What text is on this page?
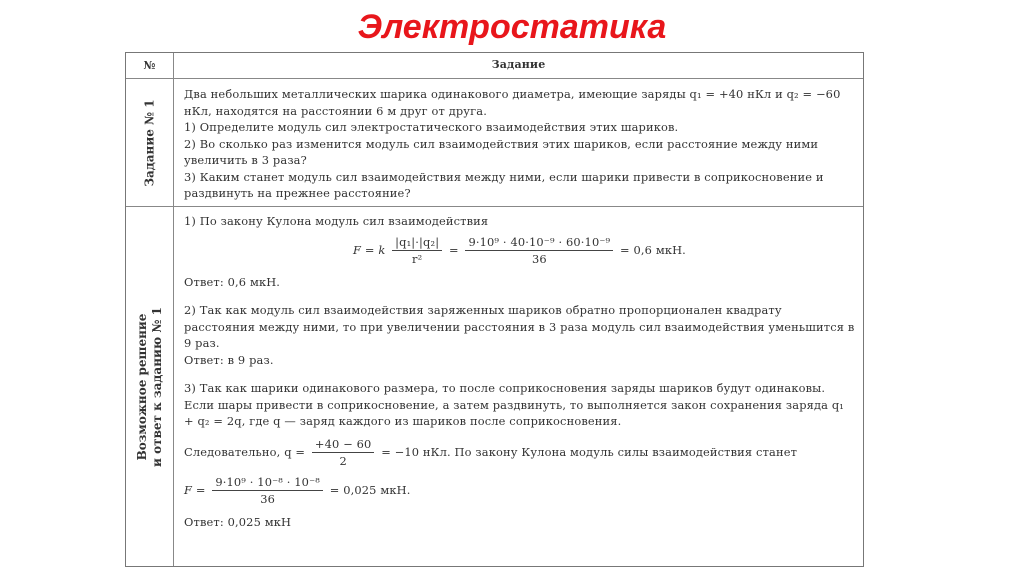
Электростатика
№	Задание
Задание № 1

Два небольших металлических шарика одинакового диаметра, имеющие заряды q₁ = +40 нКл и q₂ = −60 нКл, находятся на расстоянии 6 м друг от друга.

1) Определите модуль сил электростатического взаимодействия этих шариков.

2) Во сколько раз изменится модуль сил взаимодействия этих шариков, если расстояние между ними увеличить в 3 раза?

3) Каким станет модуль сил взаимодействия между ними, если шарики привести в соприкосновение и раздвинуть на прежнее расстояние?

Возможное решение и ответ к заданию № 1

1) По закону Кулона модуль сил взаимодействия

F = k $\frac{\text{|q₁|·|q₂|}}{\text{r²}} = \frac{\text{9·10⁹ · 40·10⁻⁹ · 60·10⁻⁹}}{36} = 0,6$ мкН.

Ответ: 0,6 мкН.

2) Так как модуль сил взаимодействия заряженных шариков обратно пропорционален квадрату расстояния между ними, то при увеличении расстояния в 3 раза модуль сил взаимодействия уменьшится в 9 раз.

Ответ: в 9 раз.

3) Так как шарики одинакового размера, то после соприкосновения заряды шариков будут одинаковы. Если шары привести в соприкосновение, а затем раздвинуть, то выполняется закон сохранения заряда q₁ + q₂ = 2q, где q — заряд каждого из шариков после соприкосновения.

Следовательно, $q = \frac{+40 - 60}{2} = -10$ нКл. По закону Кулона модуль силы взаимодействия станет

$F = \frac{\text{9·10⁹ · 10⁻⁸ · 10⁻⁸}}{36} = 0,025$ мкН.

Ответ: 0,025 мкН
